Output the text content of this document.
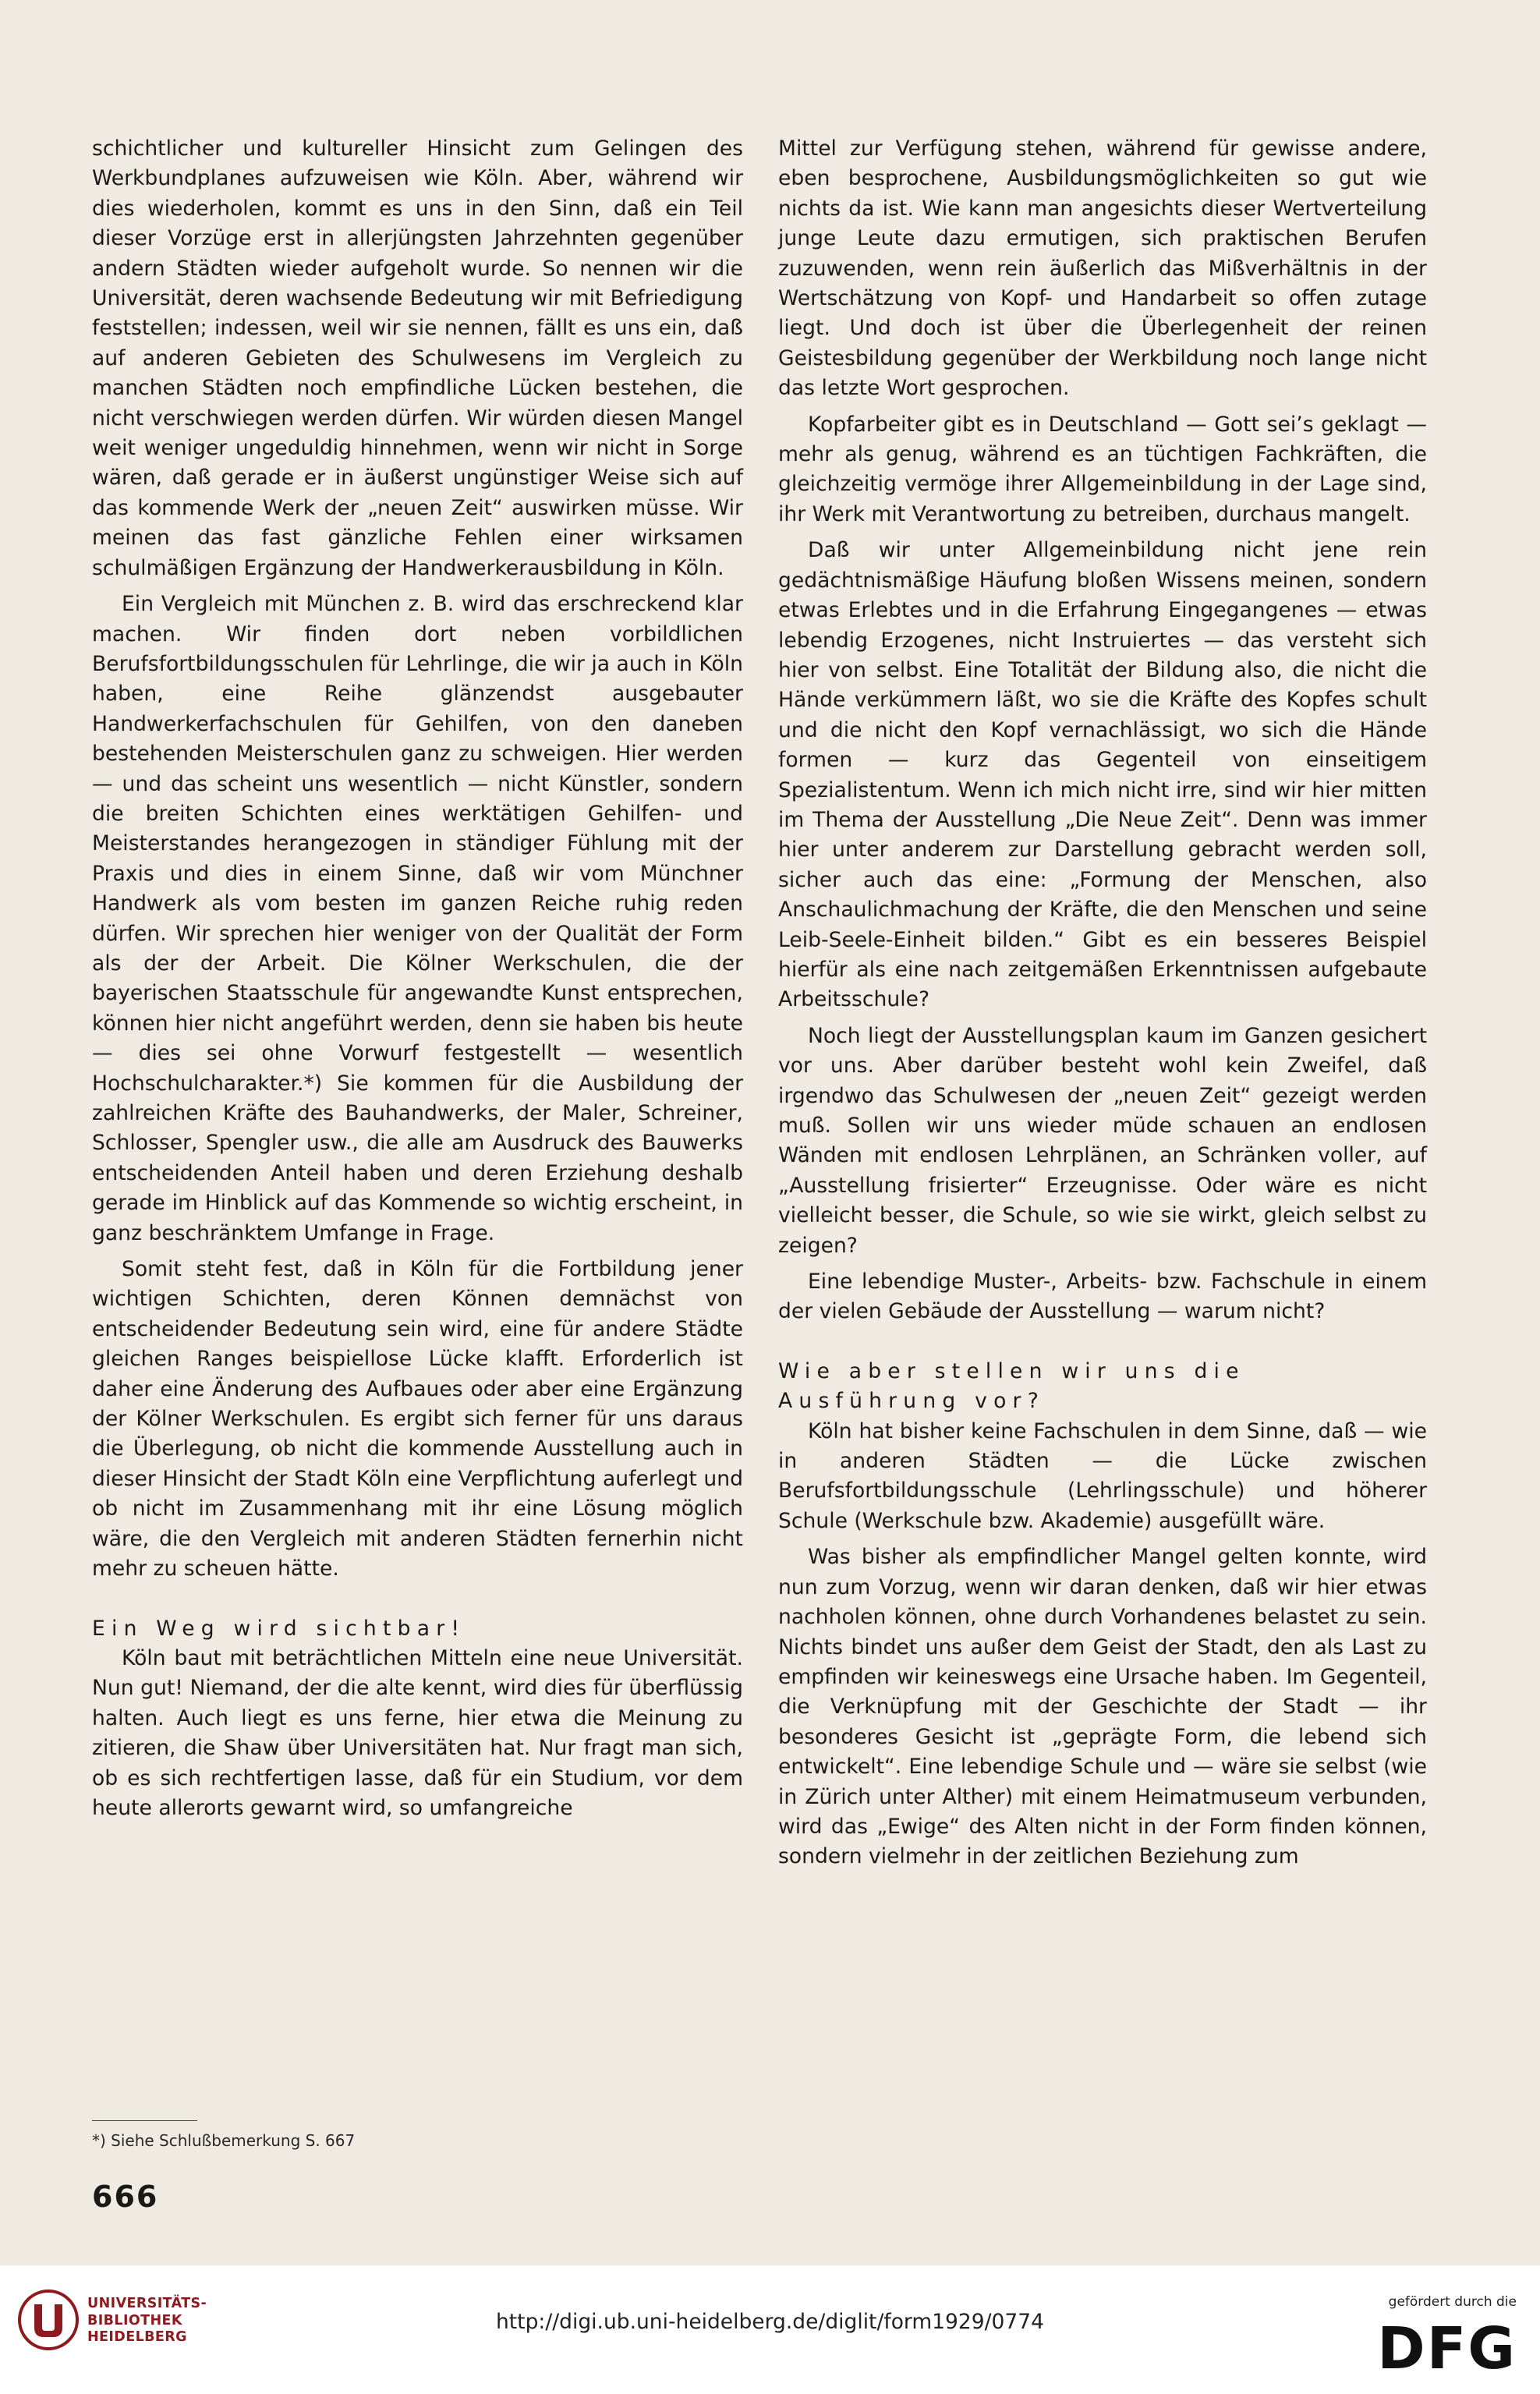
schichtlicher und kultureller Hinsicht zum Gelingen des Werkbundplanes aufzuweisen wie Köln. Aber, während wir dies wiederholen, kommt es uns in den Sinn, daß ein Teil dieser Vorzüge erst in allerjüngsten Jahrzehnten gegenüber andern Städten wieder aufgeholt wurde. So nennen wir die Universität, deren wachsende Bedeutung wir mit Befriedigung feststellen; indessen, weil wir sie nennen, fällt es uns ein, daß auf anderen Gebieten des Schulwesens im Vergleich zu manchen Städten noch empfindliche Lücken bestehen, die nicht verschwiegen werden dürfen. Wir würden diesen Mangel weit weniger ungeduldig hinnehmen, wenn wir nicht in Sorge wären, daß gerade er in äußerst ungünstiger Weise sich auf das kommende Werk der „neuen Zeit“ auswirken müsse. Wir meinen das fast gänzliche Fehlen einer wirksamen schulmäßigen Ergänzung der Handwerkerausbildung in Köln.

Ein Vergleich mit München z. B. wird das erschreckend klar machen. Wir finden dort neben vorbildlichen Berufsfortbildungsschulen für Lehrlinge, die wir ja auch in Köln haben, eine Reihe glänzendst ausgebauter Handwerkerfachschulen für Gehilfen, von den daneben bestehenden Meisterschulen ganz zu schweigen. Hier werden — und das scheint uns wesentlich — nicht Künstler, sondern die breiten Schichten eines werktätigen Gehilfen- und Meisterstandes herangezogen in ständiger Fühlung mit der Praxis und dies in einem Sinne, daß wir vom Münchner Handwerk als vom besten im ganzen Reiche ruhig reden dürfen. Wir sprechen hier weniger von der Qualität der Form als der der Arbeit. Die Kölner Werkschulen, die der bayerischen Staatsschule für angewandte Kunst entsprechen, können hier nicht angeführt werden, denn sie haben bis heute — dies sei ohne Vorwurf festgestellt — wesentlich Hochschulcharakter.*) Sie kommen für die Ausbildung der zahlreichen Kräfte des Bauhandwerks, der Maler, Schreiner, Schlosser, Spengler usw., die alle am Ausdruck des Bauwerks entscheidenden Anteil haben und deren Erziehung deshalb gerade im Hinblick auf das Kommende so wichtig erscheint, in ganz beschränktem Umfange in Frage.

Somit steht fest, daß in Köln für die Fortbildung jener wichtigen Schichten, deren Können demnächst von entscheidender Bedeutung sein wird, eine für andere Städte gleichen Ranges beispiellose Lücke klafft. Erforderlich ist daher eine Änderung des Aufbaues oder aber eine Ergänzung der Kölner Werkschulen. Es ergibt sich ferner für uns daraus die Überlegung, ob nicht die kommende Ausstellung auch in dieser Hinsicht der Stadt Köln eine Verpflichtung auferlegt und ob nicht im Zusammenhang mit ihr eine Lösung möglich wäre, die den Vergleich mit anderen Städten fernerhin nicht mehr zu scheuen hätte.

Ein Weg wird sichtbar!

Köln baut mit beträchtlichen Mitteln eine neue Universität. Nun gut! Niemand, der die alte kennt, wird dies für überflüssig halten. Auch liegt es uns ferne, hier etwa die Meinung zu zitieren, die Shaw über Universitäten hat. Nur fragt man sich, ob es sich rechtfertigen lasse, daß für ein Studium, vor dem heute allerorts gewarnt wird, so umfangreiche

Mittel zur Verfügung stehen, während für gewisse andere, eben besprochene, Ausbildungsmöglichkeiten so gut wie nichts da ist. Wie kann man angesichts dieser Wertverteilung junge Leute dazu ermutigen, sich praktischen Berufen zuzuwenden, wenn rein äußerlich das Mißverhältnis in der Wertschätzung von Kopf- und Handarbeit so offen zutage liegt. Und doch ist über die Überlegenheit der reinen Geistesbildung gegenüber der Werkbildung noch lange nicht das letzte Wort gesprochen.

Kopfarbeiter gibt es in Deutschland — Gott sei’s geklagt — mehr als genug, während es an tüchtigen Fachkräften, die gleichzeitig vermöge ihrer Allgemeinbildung in der Lage sind, ihr Werk mit Verantwortung zu betreiben, durchaus mangelt.

Daß wir unter Allgemeinbildung nicht jene rein gedächtnismäßige Häufung bloßen Wissens meinen, sondern etwas Erlebtes und in die Erfahrung Eingegangenes — etwas lebendig Erzogenes, nicht Instruiertes — das versteht sich hier von selbst. Eine Totalität der Bildung also, die nicht die Hände verkümmern läßt, wo sie die Kräfte des Kopfes schult und die nicht den Kopf vernachlässigt, wo sich die Hände formen — kurz das Gegenteil von einseitigem Spezialistentum. Wenn ich mich nicht irre, sind wir hier mitten im Thema der Ausstellung „Die Neue Zeit“. Denn was immer hier unter anderem zur Darstellung gebracht werden soll, sicher auch das eine: „Formung der Menschen, also Anschaulichmachung der Kräfte, die den Menschen und seine Leib-Seele-Einheit bilden.“ Gibt es ein besseres Beispiel hierfür als eine nach zeitgemäßen Erkenntnissen aufgebaute Arbeitsschule?

Noch liegt der Ausstellungsplan kaum im Ganzen gesichert vor uns. Aber darüber besteht wohl kein Zweifel, daß irgendwo das Schulwesen der „neuen Zeit“ gezeigt werden muß. Sollen wir uns wieder müde schauen an endlosen Wänden mit endlosen Lehrplänen, an Schränken voller, auf „Ausstellung frisierter“ Erzeugnisse. Oder wäre es nicht vielleicht besser, die Schule, so wie sie wirkt, gleich selbst zu zeigen?

Eine lebendige Muster-, Arbeits- bzw. Fachschule in einem der vielen Gebäude der Ausstellung — warum nicht?

Wie aber stellen wir uns die Ausführung vor?

Köln hat bisher keine Fachschulen in dem Sinne, daß — wie in anderen Städten — die Lücke zwischen Berufsfortbildungsschule (Lehrlingsschule) und höherer Schule (Werkschule bzw. Akademie) ausgefüllt wäre.

Was bisher als empfindlicher Mangel gelten konnte, wird nun zum Vorzug, wenn wir daran denken, daß wir hier etwas nachholen können, ohne durch Vorhandenes belastet zu sein. Nichts bindet uns außer dem Geist der Stadt, den als Last zu empfinden wir keineswegs eine Ursache haben. Im Gegenteil, die Verknüpfung mit der Geschichte der Stadt — ihr besonderes Gesicht ist „geprägte Form, die lebend sich entwickelt“. Eine lebendige Schule und — wäre sie selbst (wie in Zürich unter Alther) mit einem Heimatmuseum verbunden, wird das „Ewige“ des Alten nicht in der Form finden können, sondern vielmehr in der zeitlichen Beziehung zum

*) Siehe Schlußbemerkung S. 667
666
UNIVERSITÄTS-
BIBLIOTHEK
HEIDELBERG
http://digi.ub.uni-heidelberg.de/diglit/form1929/0774
gefördert durch die
DFG
